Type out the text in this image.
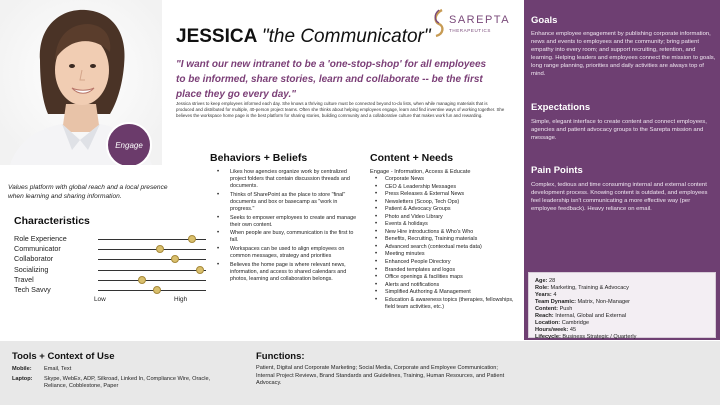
Engage
JESSICA "the Communicator"
SAREPTA
THERAPEUTICS
"I want our new intranet to be a 'one-stop-shop' for all employees to be informed, share stories, learn and collaborate -- be the first place they go every day."
Jessica strives to keep employees informed each day. She knows a thriving culture must be connected beyond to-do lists, when while managing materials that is produced and distributed for multiple, 40-person project teams. Often she thinks about helping employees engage, learn and find inventive ways of working together. She believes the workspace home page is the best platform for sharing stories, building community and a collaborative culture that makes work fun and rewarding.
Values platform with global reach and a local presence when learning and sharing information.
Characteristics
Role Experience
Communicator
Collaborator
Socializing
Travel
Tech Savvy
Low	High
Behaviors + Beliefs
• Likes how agencies organize work by centralized project folders that contain discussion threads and documents.
• Thinks of SharePoint as the place to store "final" documents and box or basecamp as "work in progress."
• Seeks to empower employees to create and manage their own content.
• When people are busy, communication is the first to fall.
• Workspaces can be used to align employees on common messages, strategy and priorities
• Believes the home page is where relevant news, information, and access to shared calendars and photos, learning and collaboration belongs.
Content + Needs
Engage - Information, Access & Educate
• Corporate News
• CEO & Leadership Messages
• Press Releases & External News
• Newsletters (Scoop, Tech Ops)
• Patient & Advocacy Groups
• Photo and Video Library
• Events & holidays
• New Hire introductions & Who's Who
• Benefits, Recruiting, Training materials
• Advanced search (contextual meta data)
• Meeting minutes
• Enhanced People Directory
• Branded templates and logos
• Office openings & facilities maps
• Alerts and notifications
• Simplified Authoring & Management
• Education & awareness topics (therapies, fellowships, field team activities, etc.)
Goals
Enhance employee engagement by publishing corporate information, news and events to employees and the community; bring patient empathy into every room; and support recruiting, retention, and learning. Helping leaders and employees connect the mission to goals, long range planning, priorities and daily activities are always top of mind.
Expectations
Simple, elegant interface to create content and connect employees, agencies and patient advocacy groups to the Sarepta mission and message.
Pain Points
Complex, tedious and time consuming internal and external content development process. Knowing content is outdated, and employees feel leadership isn't communicating a more effective way (per employee feedback). Heavy reliance on email.
Age: 28
Role: Marketing, Training & Advocacy
Years: 4
Team Dynamic: Matrix, Non-Manager
Content: Push
Reach: Internal, Global and External
Location: Cambridge
Hours/week: 45
Lifecycle: Business Strategic / Quarterly
Tools + Context of Use
Mobile:	Email, Text
Laptop:	Skype, WebEx, ADP, Silkroad, Linked In, Compliance Wire, Oracle, Reliance, Cobblestone, Paper
Functions:
Patient, Digital and Corporate Marketing; Social Media, Corporate and Employee Communication; Internal Project Reviews, Brand Standards and Guidelines, Training, Human Resources, and Patient Advocacy.
